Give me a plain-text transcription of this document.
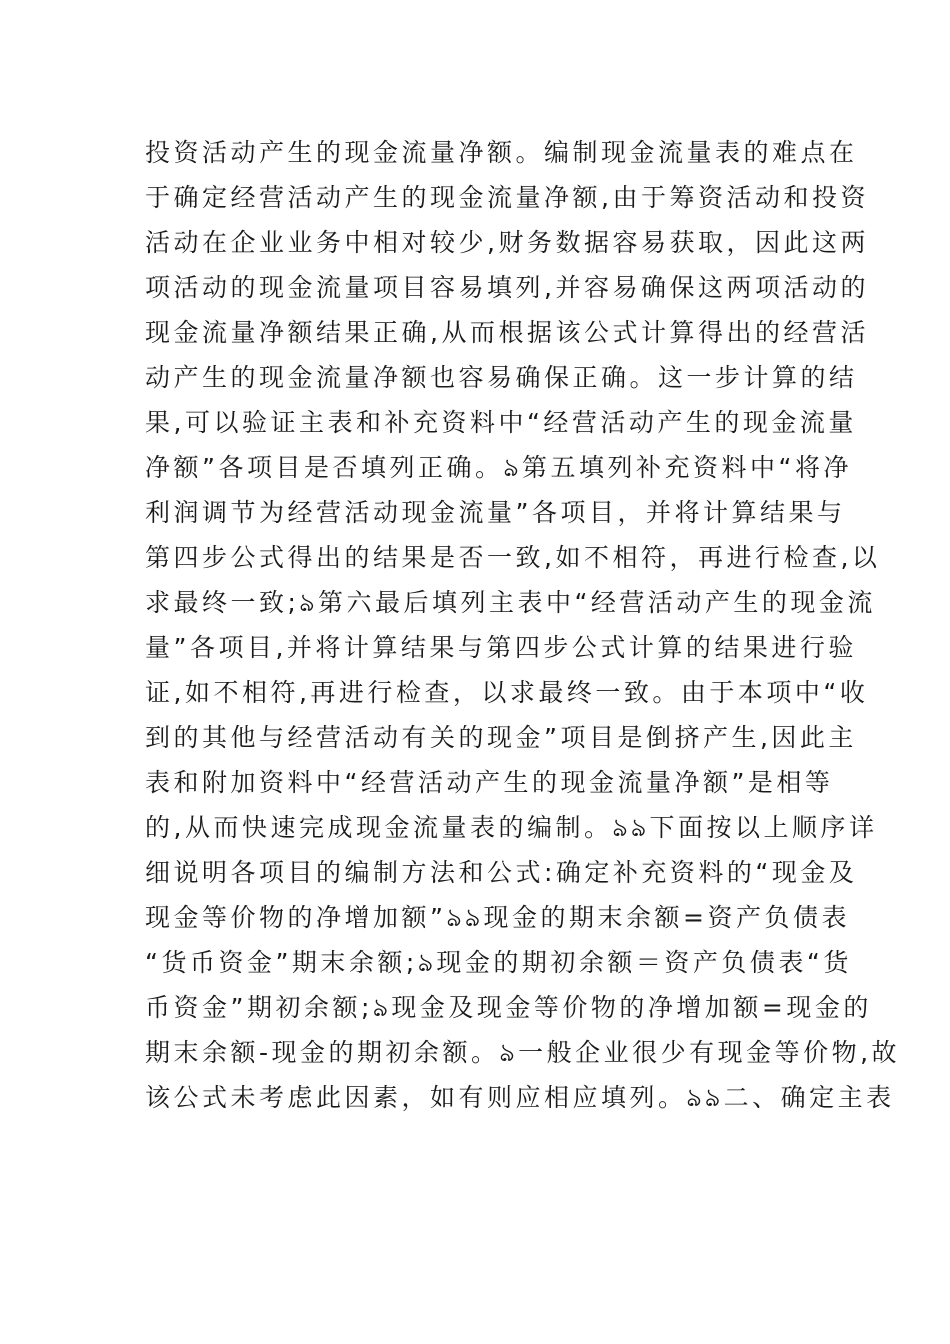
投资活动产生的现金流量净额。编制现金流量表的难点在
于确定经营活动产生的现金流量净额,由于筹资活动和投资
活动在企业业务中相对较少,财务数据容易获取，因此这两
项活动的现金流量项目容易填列,并容易确保这两项活动的
现金流量净额结果正确,从而根据该公式计算得出的经营活
动产生的现金流量净额也容易确保正确。这一步计算的结
果,可以验证主表和补充资料中“经营活动产生的现金流量
净额”各项目是否填列正确。ঌ第五填列补充资料中“将净
利润调节为经营活动现金流量”各项目，并将计算结果与
第四步公式得出的结果是否一致,如不相符，再进行检查,以
求最终一致;ঌ第六最后填列主表中“经营活动产生的现金流
量”各项目,并将计算结果与第四步公式计算的结果进行验
证,如不相符,再进行检查，以求最终一致。由于本项中“收
到的其他与经营活动有关的现金”项目是倒挤产生,因此主
表和附加资料中“经营活动产生的现金流量净额”是相等
的,从而快速完成现金流量表的编制。ঌঌ下面按以上顺序详
细说明各项目的编制方法和公式:确定补充资料的“现金及
现金等价物的净增加额”ঌঌ现金的期末余额=资产负债表
“货币资金”期末余额;ঌ现金的期初余额＝资产负债表“货
币资金”期初余额;ঌ现金及现金等价物的净增加额=现金的
期末余额-现金的期初余额。ঌ一般企业很少有现金等价物,故
该公式未考虑此因素，如有则应相应填列。ঌঌ二、确定主表
